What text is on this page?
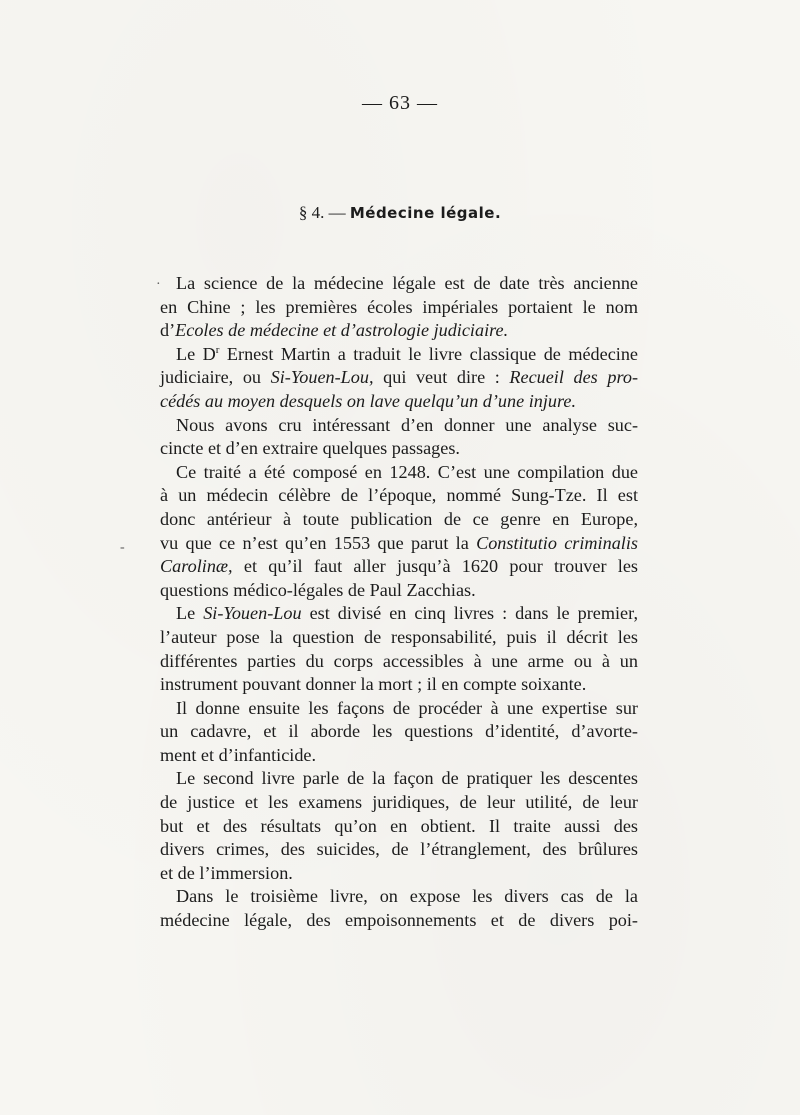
— 63 —
§ 4. — Médecine légale.
La science de la médecine légale est de date très ancienne
en Chine ; les premières écoles impériales portaient le nom
d’Ecoles de médecine et d’astrologie judiciaire.
Le $D^r$ Ernest Martin a traduit le livre classique de médecine
judiciaire, ou Si-Youen-Lou, qui veut dire : Recueil des pro-
cédés au moyen desquels on lave quelqu’un d’une injure.
Nous avons cru intéressant d’en donner une analyse suc-
cincte et d’en extraire quelques passages.
Ce traité a été composé en 1248. C’est une compilation due
à un médecin célèbre de l’époque, nommé Sung-Tze. Il est
donc antérieur à toute publication de ce genre en Europe,
vu que ce n’est qu’en 1553 que parut la Constitutio criminalis
Carolinæ, et qu’il faut aller jusqu’à 1620 pour trouver les
questions médico-légales de Paul Zacchias.
Le Si-Youen-Lou est divisé en cinq livres : dans le premier,
l’auteur pose la question de responsabilité, puis il décrit les
différentes parties du corps accessibles à une arme ou à un
instrument pouvant donner la mort ; il en compte soixante.
Il donne ensuite les façons de procéder à une expertise sur
un cadavre, et il aborde les questions d’identité, d’avorte-
ment et d’infanticide.
Le second livre parle de la façon de pratiquer les descentes
de justice et les examens juridiques, de leur utilité, de leur
but et des résultats qu’on en obtient. Il traite aussi des
divers crimes, des suicides, de l’étranglement, des brûlures
et de l’immersion.
Dans le troisième livre, on expose les divers cas de la
médecine légale, des empoisonnements et de divers poi-
·
-
